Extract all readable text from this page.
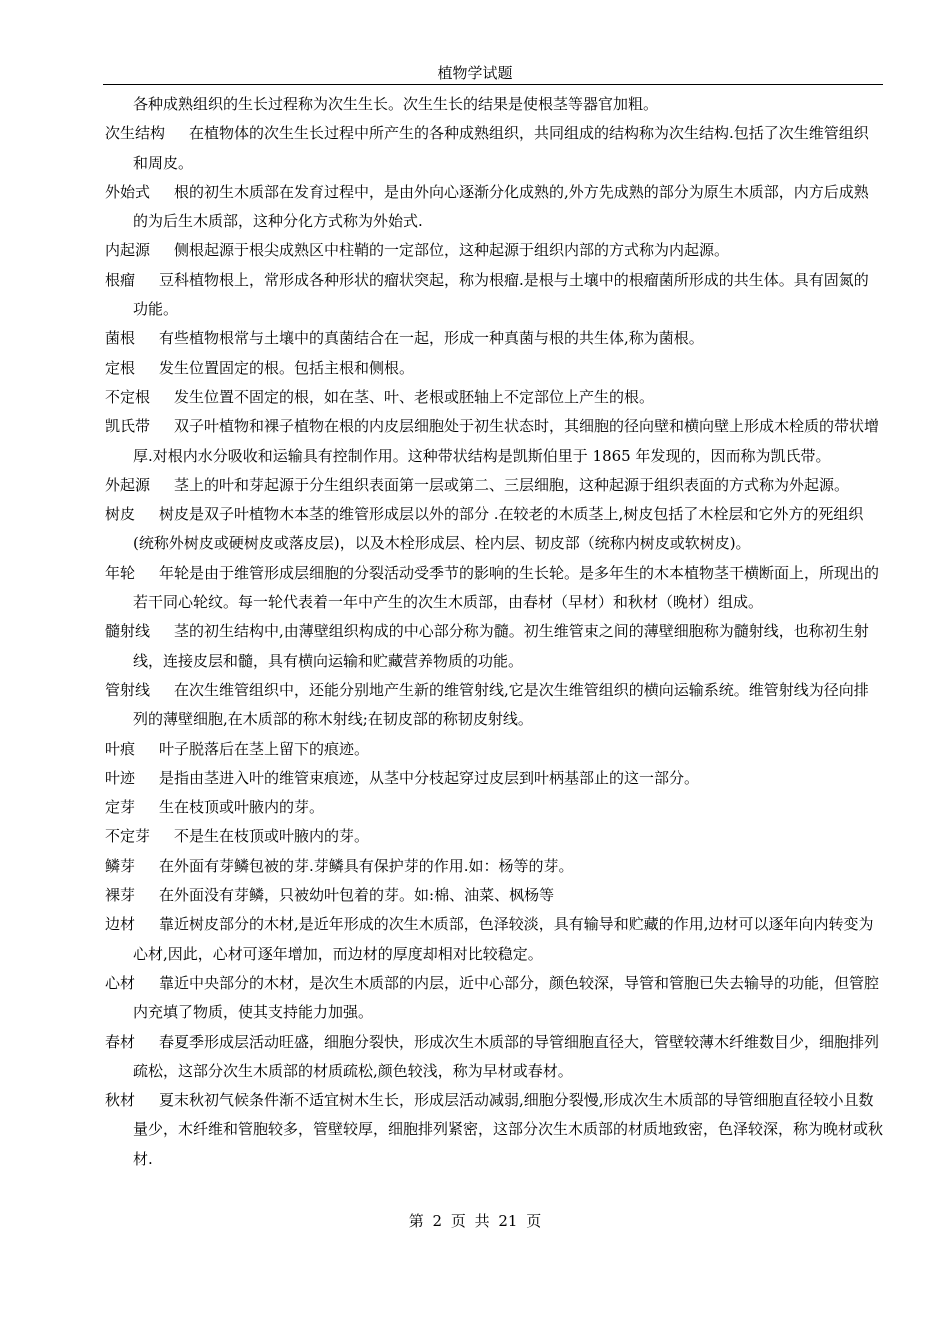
植物学试题

各种成熟组织的生长过程称为次生生长。次生生长的结果是使根茎等器官加粗。

次生结构 在植物体的次生生长过程中所产生的各种成熟组织，共同组成的结构称为次生结构.包括了次生维管组织和周皮。

外始式 根的初生木质部在发育过程中，是由外向心逐渐分化成熟的,外方先成熟的部分为原生木质部，内方后成熟的为后生木质部，这种分化方式称为外始式.

内起源 侧根起源于根尖成熟区中柱鞘的一定部位，这种起源于组织内部的方式称为内起源。

根瘤 豆科植物根上，常形成各种形状的瘤状突起，称为根瘤.是根与土壤中的根瘤菌所形成的共生体。具有固氮的功能。

菌根 有些植物根常与土壤中的真菌结合在一起，形成一种真菌与根的共生体,称为菌根。

定根 发生位置固定的根。包括主根和侧根。

不定根 发生位置不固定的根，如在茎、叶、老根或胚轴上不定部位上产生的根。

凯氏带 双子叶植物和裸子植物在根的内皮层细胞处于初生状态时，其细胞的径向壁和横向壁上形成木栓质的带状增厚.对根内水分吸收和运输具有控制作用。这种带状结构是凯斯伯里于 1865 年发现的，因而称为凯氏带。

外起源 茎上的叶和芽起源于分生组织表面第一层或第二、三层细胞，这种起源于组织表面的方式称为外起源。

树皮 树皮是双子叶植物木本茎的维管形成层以外的部分 .在较老的木质茎上,树皮包括了木栓层和它外方的死组织(统称外树皮或硬树皮或落皮层)，以及木栓形成层、栓内层、韧皮部（统称内树皮或软树皮)。

年轮 年轮是由于维管形成层细胞的分裂活动受季节的影响的生长轮。是多年生的木本植物茎干横断面上，所现出的若干同心轮纹。每一轮代表着一年中产生的次生木质部，由春材（早材）和秋材（晚材）组成。

髓射线 茎的初生结构中,由薄壁组织构成的中心部分称为髓。初生维管束之间的薄壁细胞称为髓射线，也称初生射线，连接皮层和髓，具有横向运输和贮藏营养物质的功能。

管射线 在次生维管组织中，还能分别地产生新的维管射线,它是次生维管组织的横向运输系统。维管射线为径向排列的薄壁细胞,在木质部的称木射线;在韧皮部的称韧皮射线。

叶痕 叶子脱落后在茎上留下的痕迹。

叶迹 是指由茎进入叶的维管束痕迹，从茎中分枝起穿过皮层到叶柄基部止的这一部分。

定芽 生在枝顶或叶腋内的芽。

不定芽 不是生在枝顶或叶腋内的芽。

鳞芽 在外面有芽鳞包被的芽.芽鳞具有保护芽的作用.如：杨等的芽。

裸芽 在外面没有芽鳞，只被幼叶包着的芽。如:棉、油菜、枫杨等

边材 靠近树皮部分的木材,是近年形成的次生木质部，色泽较淡，具有输导和贮藏的作用,边材可以逐年向内转变为心材,因此，心材可逐年增加，而边材的厚度却相对比较稳定。

心材 靠近中央部分的木材，是次生木质部的内层，近中心部分，颜色较深，导管和管胞已失去输导的功能，但管腔内充填了物质，使其支持能力加强。

春材 春夏季形成层活动旺盛，细胞分裂快，形成次生木质部的导管细胞直径大，管壁较薄木纤维数目少，细胞排列疏松，这部分次生木质部的材质疏松,颜色较浅，称为早材或春材。

秋材 夏末秋初气候条件渐不适宜树木生长，形成层活动减弱,细胞分裂慢,形成次生木质部的导管细胞直径较小且数量少，木纤维和管胞较多，管壁较厚，细胞排列紧密，这部分次生木质部的材质地致密，色泽较深，称为晚材或秋材.

第 2 页 共 21 页
